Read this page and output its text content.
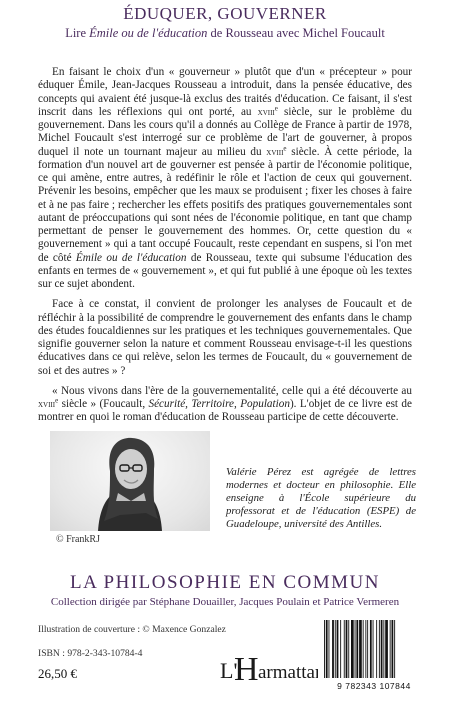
ÉDUQUER, GOUVERNER
Lire Émile ou de l'éducation de Rousseau avec Michel Foucault

En faisant le choix d'un « gouverneur » plutôt que d'un « précepteur » pour éduquer Émile, Jean-Jacques Rousseau a introduit, dans la pensée éducative, des concepts qui avaient été jusque-là exclus des traités d'éducation. Ce faisant, il s'est inscrit dans les réflexions qui ont porté, au xviii$^e$ siècle, sur le problème du gouvernement. Dans les cours qu'il a donnés au Collège de France à partir de 1978, Michel Foucault s'est interrogé sur ce problème de l'art de gouverner, à propos duquel il note un tournant majeur au milieu du xviii$^e$ siècle. À cette période, la formation d'un nouvel art de gouverner est pensée à partir de l'économie politique, ce qui amène, entre autres, à redéfinir le rôle et l'action de ceux qui gouvernent. Prévenir les besoins, empêcher que les maux se produisent ; fixer les choses à faire et à ne pas faire ; rechercher les effets positifs des pratiques gouvernementales sont autant de préoccupations qui sont nées de l'économie politique, en tant que champ permettant de penser le gouvernement des hommes. Or, cette question du « gouvernement » qui a tant occupé Foucault, reste cependant en suspens, si l'on met de côté Émile ou de l'éducation de Rousseau, texte qui subsume l'éducation des enfants en termes de « gouvernement », et qui fut publié à une époque où les textes sur ce sujet abondent.

Face à ce constat, il convient de prolonger les analyses de Foucault et de réfléchir à la possibilité de comprendre le gouvernement des enfants dans le champ des études foucaldiennes sur les pratiques et les techniques gouvernementales. Que signifie gouverner selon la nature et comment Rousseau envisage-t-il les questions éducatives dans ce qui relève, selon les termes de Foucault, du « gouvernement de soi et des autres » ?

« Nous vivons dans l'ère de la gouvernementalité, celle qui a été découverte au xviii$^e$ siècle » (Foucault, Sécurité, Territoire, Population). L'objet de ce livre est de montrer en quoi le roman d'éducation de Rousseau participe de cette découverte.

© FrankRJ
Valérie Pérez est agrégée de lettres modernes et docteur en philosophie. Elle enseigne à l'École supérieure du professorat et de l'éducation (ESPE) de Guadeloupe, université des Antilles.
LA PHILOSOPHIE EN COMMUN
Collection dirigée par Stéphane Douailler, Jacques Poulain et Patrice Vermeren
Illustration de couverture : © Maxence Gonzalez
ISBN : 978-2-343-10784-4
26,50 €	L'
H armattan
9 782343 107844
